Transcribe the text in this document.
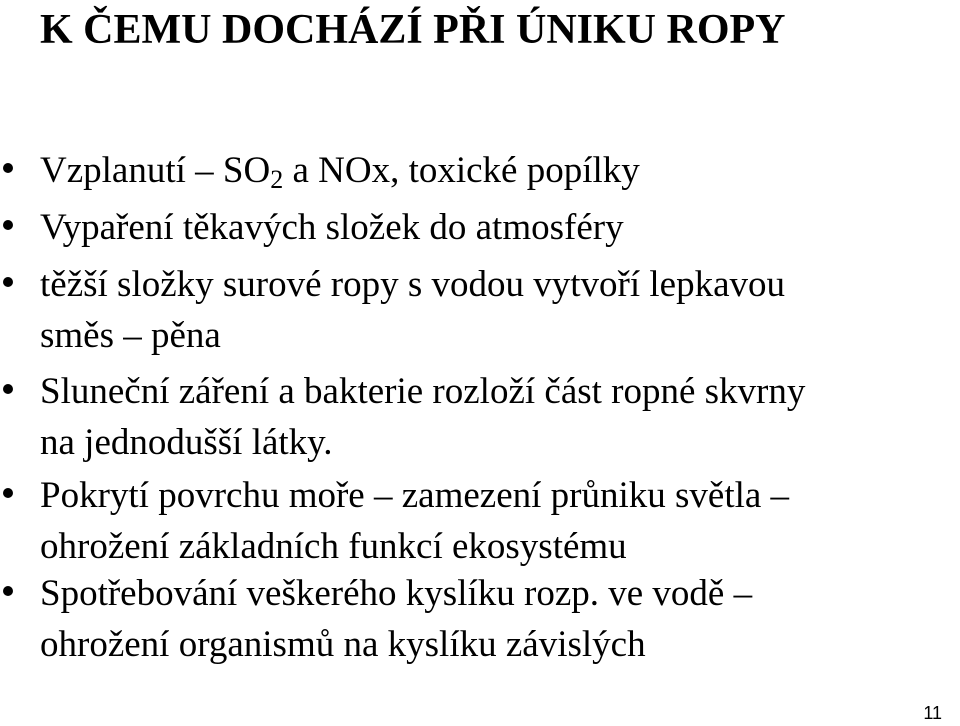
K ČEMU DOCHÁZÍ PŘI ÚNIKU ROPY
Vzplanutí – $SO_2$ a NOx, toxické popílky
Vypaření těkavých složek do atmosféry
těžší složky surové ropy s vodou vytvoří lepkavou
směs – pěna
Sluneční záření a bakterie rozloží část ropné skvrny
na jednodušší látky.
Pokrytí povrchu moře – zamezení průniku světla –
ohrožení základních funkcí ekosystému
Spotřebování veškerého kyslíku rozp. ve vodě –
ohrožení organismů na kyslíku závislých
11
